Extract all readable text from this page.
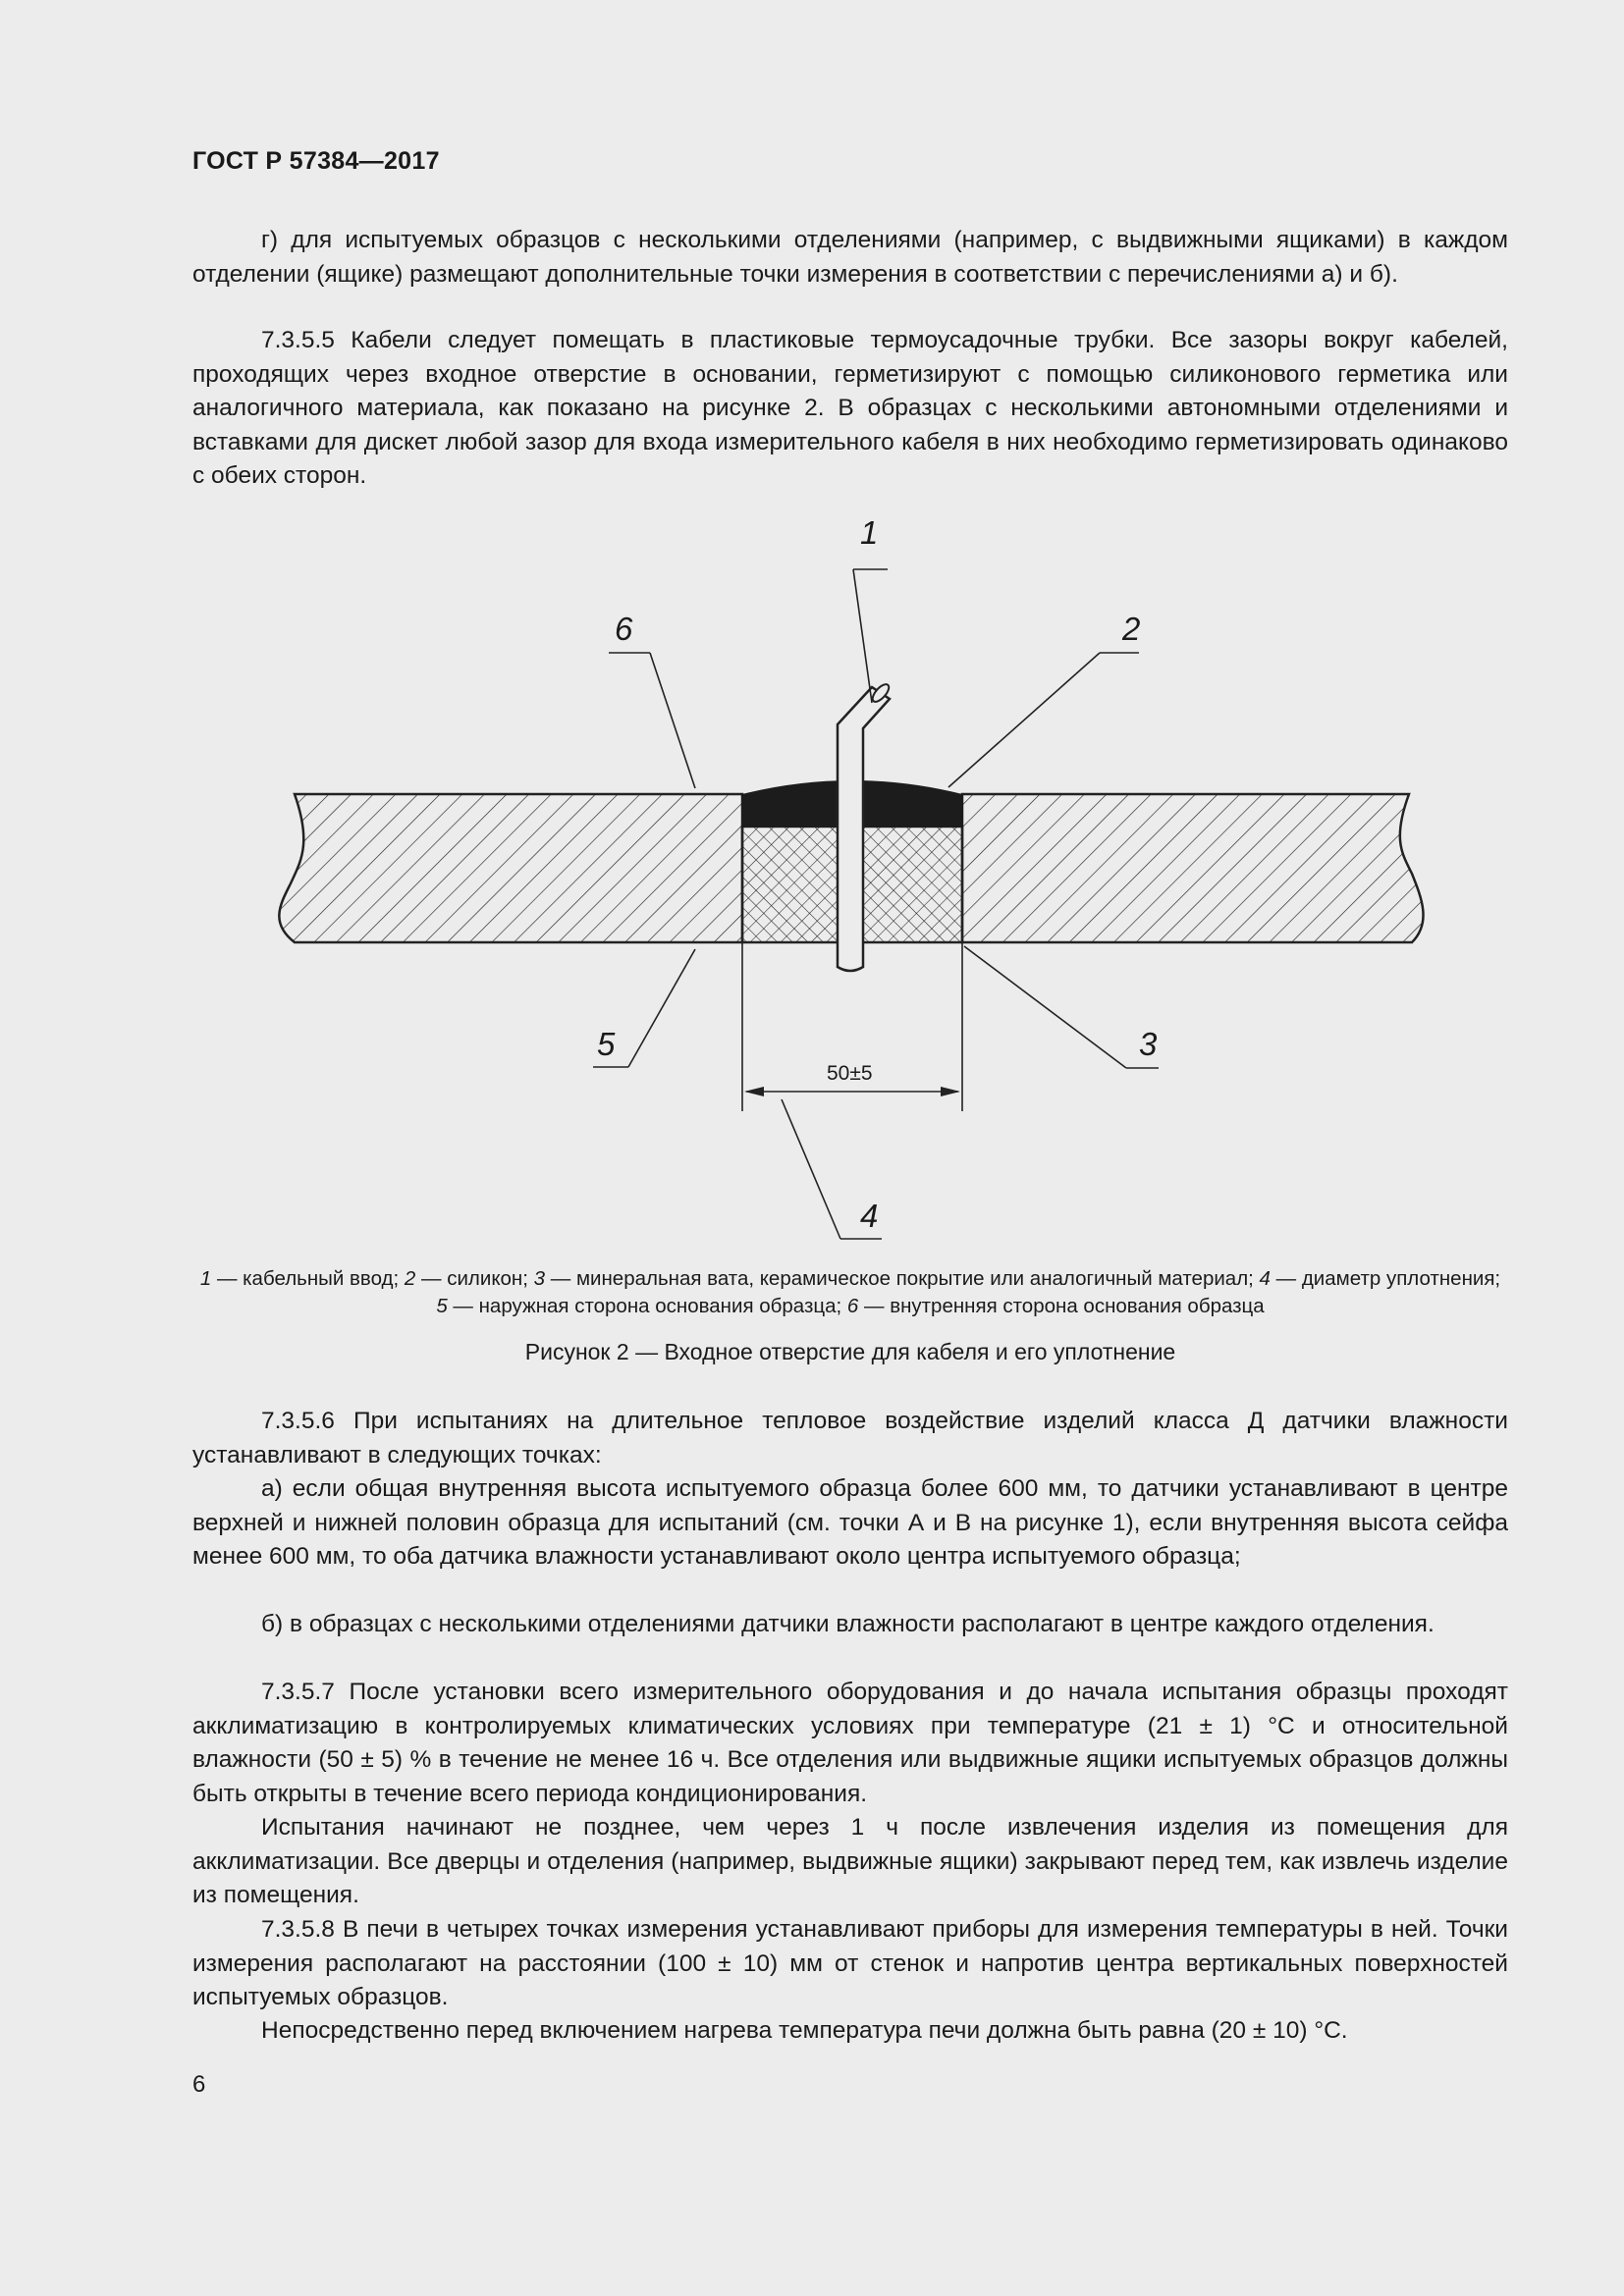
ГОСТ Р 57384—2017

г) для испытуемых образцов с несколькими отделениями (например, с выдвижными ящиками) в каждом отделении (ящике) размещают дополнительные точки измерения в соответствии с перечислениями а) и б).

7.3.5.5 Кабели следует помещать в пластиковые термоусадочные трубки. Все зазоры вокруг кабелей, проходящих через входное отверстие в основании, герметизируют с помощью силиконового герметика или аналогичного материала, как показано на рисунке 2. В образцах с несколькими автономными отделениями и вставками для дискет любой зазор для входа измерительного кабеля в них необходимо герметизировать одинаково с обеих сторон.

1
6	2
5	3
4
50±5

1 — кабельный ввод; 2 — силикон; 3 — минеральная вата, керамическое покрытие или аналогичный материал; 4 — диаметр уплотнения; 5 — наружная сторона основания образца; 6 — внутренняя сторона основания образца

Рисунок 2 — Входное отверстие для кабеля и его уплотнение

7.3.5.6 При испытаниях на длительное тепловое воздействие изделий класса Д датчики влажности устанавливают в следующих точках:

а) если общая внутренняя высота испытуемого образца более 600 мм, то датчики устанавливают в центре верхней и нижней половин образца для испытаний (см. точки А и В на рисунке 1), если внутренняя высота сейфа менее 600 мм, то оба датчика влажности устанавливают около центра испытуемого образца;

б) в образцах с несколькими отделениями датчики влажности располагают в центре каждого отделения.

7.3.5.7 После установки всего измерительного оборудования и до начала испытания образцы проходят акклиматизацию в контролируемых климатических условиях при температуре (21 ± 1) °С и относительной влажности (50 ± 5) % в течение не менее 16 ч. Все отделения или выдвижные ящики испытуемых образцов должны быть открыты в течение всего периода кондиционирования.

Испытания начинают не позднее, чем через 1 ч после извлечения изделия из помещения для акклиматизации. Все дверцы и отделения (например, выдвижные ящики) закрывают перед тем, как извлечь изделие из помещения.

7.3.5.8 В печи в четырех точках измерения устанавливают приборы для измерения температуры в ней. Точки измерения располагают на расстоянии (100 ± 10) мм от стенок и напротив центра вертикальных поверхностей испытуемых образцов.

Непосредственно перед включением нагрева температура печи должна быть равна (20 ± 10) °С.

6
